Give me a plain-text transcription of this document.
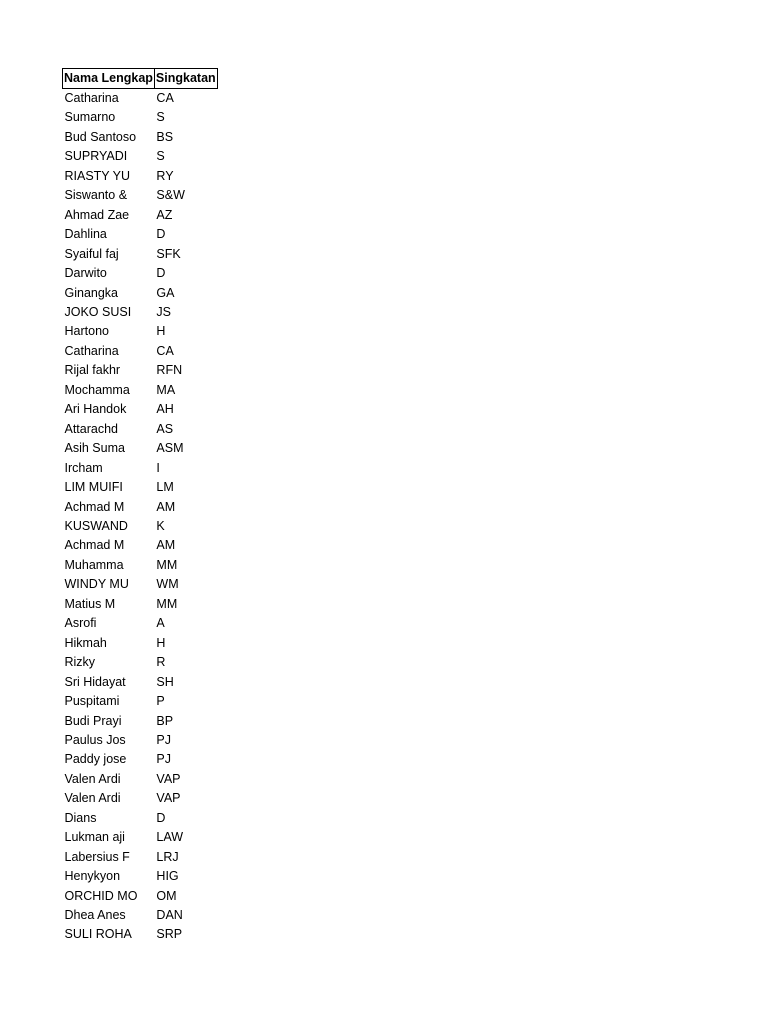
Nama Lengkap	Singkatan
Catharina	CA
Sumarno	S
Bud Santoso	BS
SUPRYADI	S
RIASTY YU	RY
Siswanto &	S&W
Ahmad Zae	AZ
Dahlina	D
Syaiful faj	SFK
Darwito	D
Ginangka	GA
JOKO SUSI	JS
Hartono	H
Catharina	CA
Rijal fakhr	RFN
Mochamma	MA
Ari Handok	AH
Attarachd	AS
Asih Suma	ASM
Ircham	I
LIM MUIFI	LM
Achmad M	AM
KUSWAND	K
Achmad M	AM
Muhamma	MM
WINDY MU	WM
Matius M	MM
Asrofi	A
Hikmah	H
Rizky	R
Sri Hidayat	SH
Puspitami	P
Budi Prayi	BP
Paulus Jos	PJ
Paddy jose	PJ
Valen Ardi	VAP
Valen Ardi	VAP
Dians	D
Lukman aji	LAW
Labersius F	LRJ
Henykyon	HIG
ORCHID MO	OM
Dhea Anes	DAN
SULI ROHA	SRP
